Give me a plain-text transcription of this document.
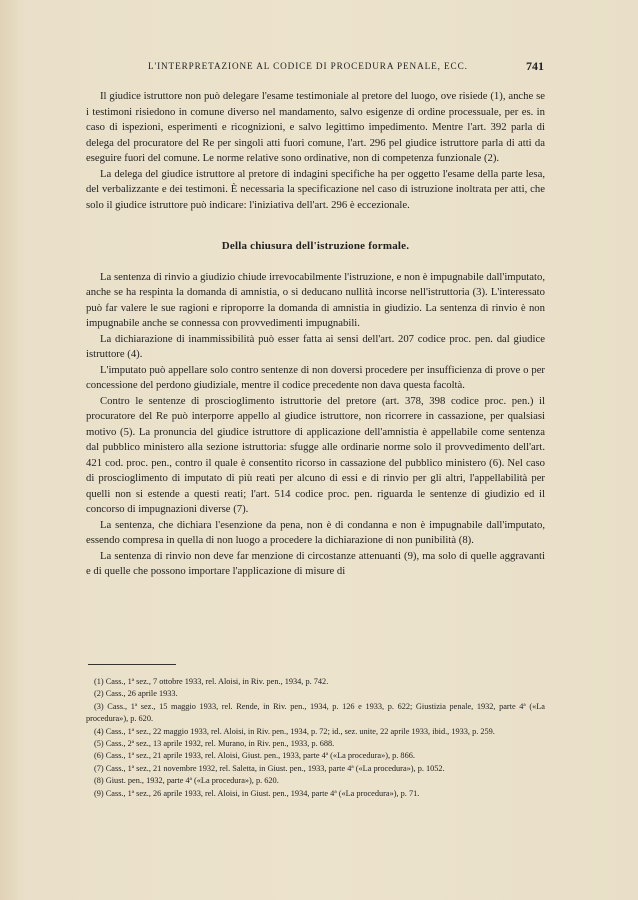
L'INTERPRETAZIONE AL CODICE DI PROCEDURA PENALE, ECC.	741

Il giudice istruttore non può delegare l'esame testimoniale al pretore del luogo, ove risiede (1), anche se i testimoni risiedono in comune diverso nel mandamento, salvo esigenze di ordine processuale, per es. in caso di ispezioni, esperimenti e ricognizioni, e salvo legittimo impedimento. Mentre l'art. 392 parla di delega del procuratore del Re per singoli atti fuori comune, l'art. 296 pel giudice istruttore parla di atti da eseguire fuori del comune. Le norme relative sono ordinative, non di competenza funzionale (2).

La delega del giudice istruttore al pretore di indagini specifiche ha per oggetto l'esame della parte lesa, del verbalizzante e dei testimoni. È necessaria la specificazione nel caso di istruzione inoltrata per atti, che solo il giudice istruttore può indicare: l'iniziativa dell'art. 296 è eccezionale.

Della chiusura dell'istruzione formale.

La sentenza di rinvio a giudizio chiude irrevocabilmente l'istruzione, e non è impugnabile dall'imputato, anche se ha respinta la domanda di amnistia, o si deducano nullità incorse nell'istruttoria (3). L'interessato può far valere le sue ragioni e riproporre la domanda di amnistia in giudizio. La sentenza di rinvio è non impugnabile anche se connessa con provvedimenti impugnabili.

La dichiarazione di inammissibilità può esser fatta ai sensi dell'art. 207 codice proc. pen. dal giudice istruttore (4).

L'imputato può appellare solo contro sentenze di non doversi procedere per insufficienza di prove o per concessione del perdono giudiziale, mentre il codice precedente non dava questa facoltà.

Contro le sentenze di proscioglimento istruttorie del pretore (art. 378, 398 codice proc. pen.) il procuratore del Re può interporre appello al giudice istruttore, non ricorrere in cassazione, per qualsiasi motivo (5). La pronuncia del giudice istruttore di applicazione dell'amnistia è appellabile come sentenza dal pubblico ministero alla sezione istruttoria: sfugge alle ordinarie norme solo il provvedimento dell'art. 421 cod. proc. pen., contro il quale è consentito ricorso in cassazione del pubblico ministero (6). Nel caso di proscioglimento di imputato di più reati per alcuno di essi e di rinvio per gli altri, l'appellabilità per quelli non si estende a questi reati; l'art. 514 codice proc. pen. riguarda le sentenze di giudizio ed il concorso di impugnazioni diverse (7).

La sentenza, che dichiara l'esenzione da pena, non è di condanna e non è impugnabile dall'imputato, essendo compresa in quella di non luogo a procedere la dichiarazione di non punibilità (8).

La sentenza di rinvio non deve far menzione di circostanze attenuanti (9), ma solo di quelle aggravanti e di quelle che possono importare l'applicazione di misure di

(1) Cass., 1ª sez., 7 ottobre 1933, rel. Aloisi, in Riv. pen., 1934, p. 742.
(2) Cass., 26 aprile 1933.
(3) Cass., 1ª sez., 15 maggio 1933, rel. Rende, in Riv. pen., 1934, p. 126 e 1933, p. 622; Giustizia penale, 1932, parte 4ª («La procedura»), p. 620.
(4) Cass., 1ª sez., 22 maggio 1933, rel. Aloisi, in Riv. pen., 1934, p. 72; id., sez. unite, 22 aprile 1933, ibid., 1933, p. 259.
(5) Cass., 2ª sez., 13 aprile 1932, rel. Murano, in Riv. pen., 1933, p. 688.
(6) Cass., 1ª sez., 21 aprile 1933, rel. Aloisi, Giust. pen., 1933, parte 4ª («La procedura»), p. 866.
(7) Cass., 1ª sez., 21 novembre 1932, rel. Saletta, in Giust. pen., 1933, parte 4ª («La procedura»), p. 1052.
(8) Giust. pen., 1932, parte 4ª («La procedura»), p. 620.
(9) Cass., 1ª sez., 26 aprile 1933, rel. Aloisi, in Giust. pen., 1934, parte 4ª («La procedura»), p. 71.
